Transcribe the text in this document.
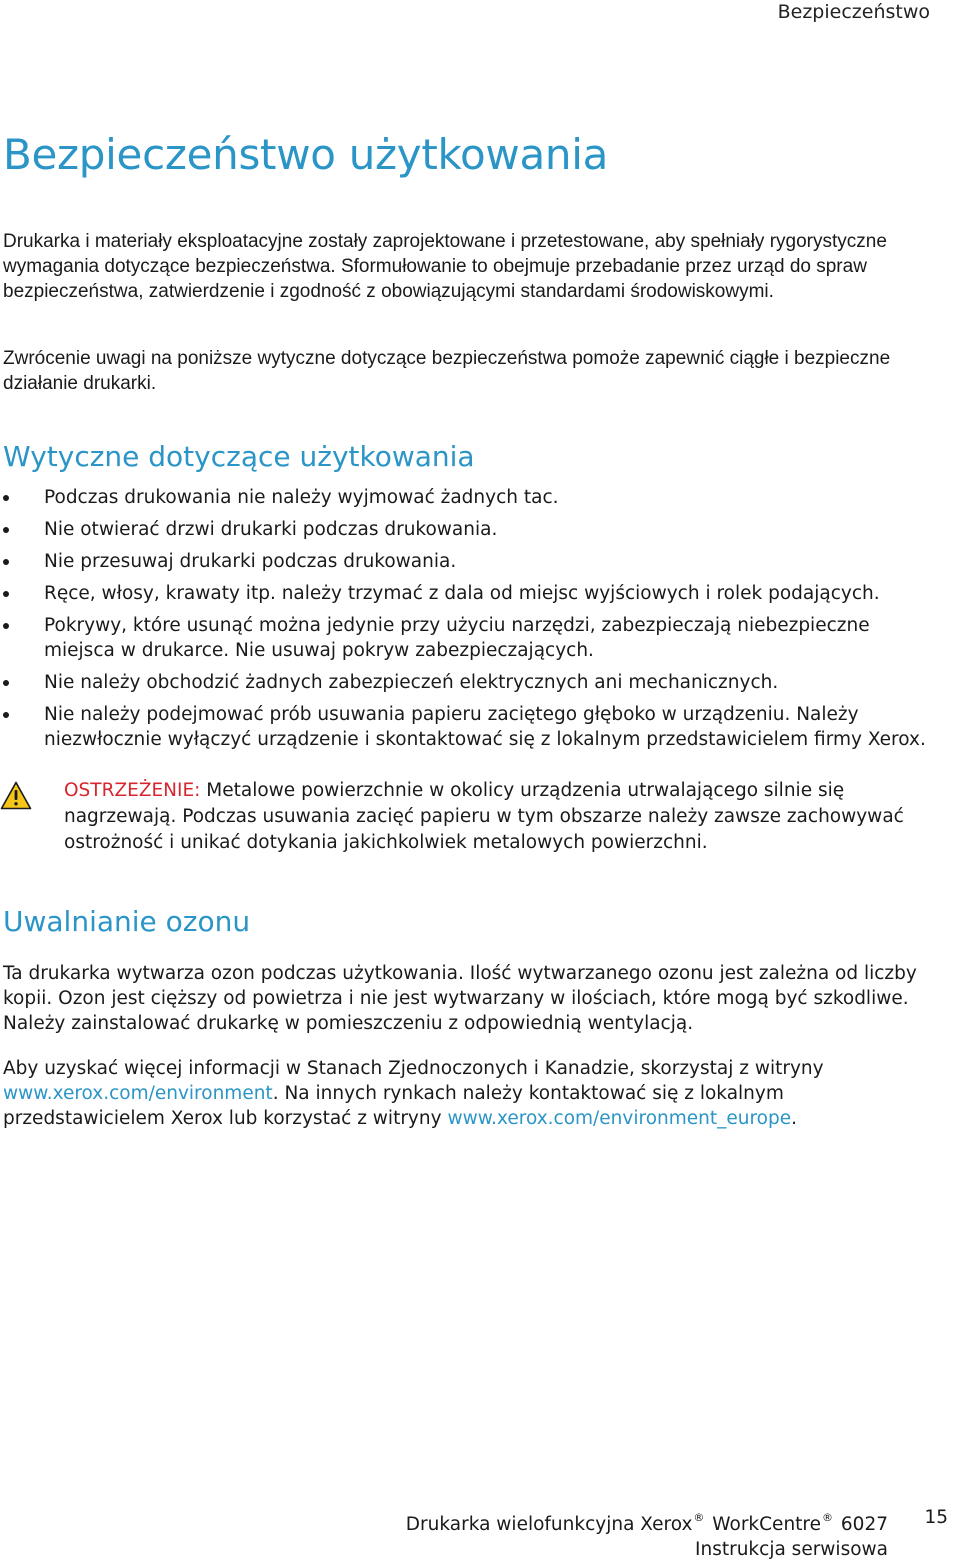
Bezpieczeństwo
Bezpieczeństwo użytkowania

Drukarka i materiały eksploatacyjne zostały zaprojektowane i przetestowane, aby spełniały rygorystyczne wymagania dotyczące bezpieczeństwa. Sformułowanie to obejmuje przebadanie przez urząd do spraw bezpieczeństwa, zatwierdzenie i zgodność z obowiązującymi standardami środowiskowymi.

Zwrócenie uwagi na poniższe wytyczne dotyczące bezpieczeństwa pomoże zapewnić ciągłe i bezpieczne działanie drukarki.

Wytyczne dotyczące użytkowania
Podczas drukowania nie należy wyjmować żadnych tac.
Nie otwierać drzwi drukarki podczas drukowania.
Nie przesuwaj drukarki podczas drukowania.
Ręce, włosy, krawaty itp. należy trzymać z dala od miejsc wyjściowych i rolek podających.
Pokrywy, które usunąć można jedynie przy użyciu narzędzi, zabezpieczają niebezpieczne miejsca w drukarce. Nie usuwaj pokryw zabezpieczających.
Nie należy obchodzić żadnych zabezpieczeń elektrycznych ani mechanicznych.
Nie należy podejmować prób usuwania papieru zaciętego głęboko w urządzeniu. Należy niezwłocznie wyłączyć urządzenie i skontaktować się z lokalnym przedstawicielem firmy Xerox.

OSTRZEŻENIE: Metalowe powierzchnie w okolicy urządzenia utrwalającego silnie się nagrzewają. Podczas usuwania zacięć papieru w tym obszarze należy zawsze zachowywać ostrożność i unikać dotykania jakichkolwiek metalowych powierzchni.

Uwalnianie ozonu

Ta drukarka wytwarza ozon podczas użytkowania. Ilość wytwarzanego ozonu jest zależna od liczby kopii. Ozon jest cięższy od powietrza i nie jest wytwarzany w ilościach, które mogą być szkodliwe. Należy zainstalować drukarkę w pomieszczeniu z odpowiednią wentylacją.

Aby uzyskać więcej informacji w Stanach Zjednoczonych i Kanadzie, skorzystaj z witryny www.xerox.com/environment. Na innych rynkach należy kontaktować się z lokalnym przedstawicielem Xerox lub korzystać z witryny www.xerox.com/environment_europe.

Drukarka wielofunkcyjna Xerox® WorkCentre® 6027
Instrukcja serwisowa
15
